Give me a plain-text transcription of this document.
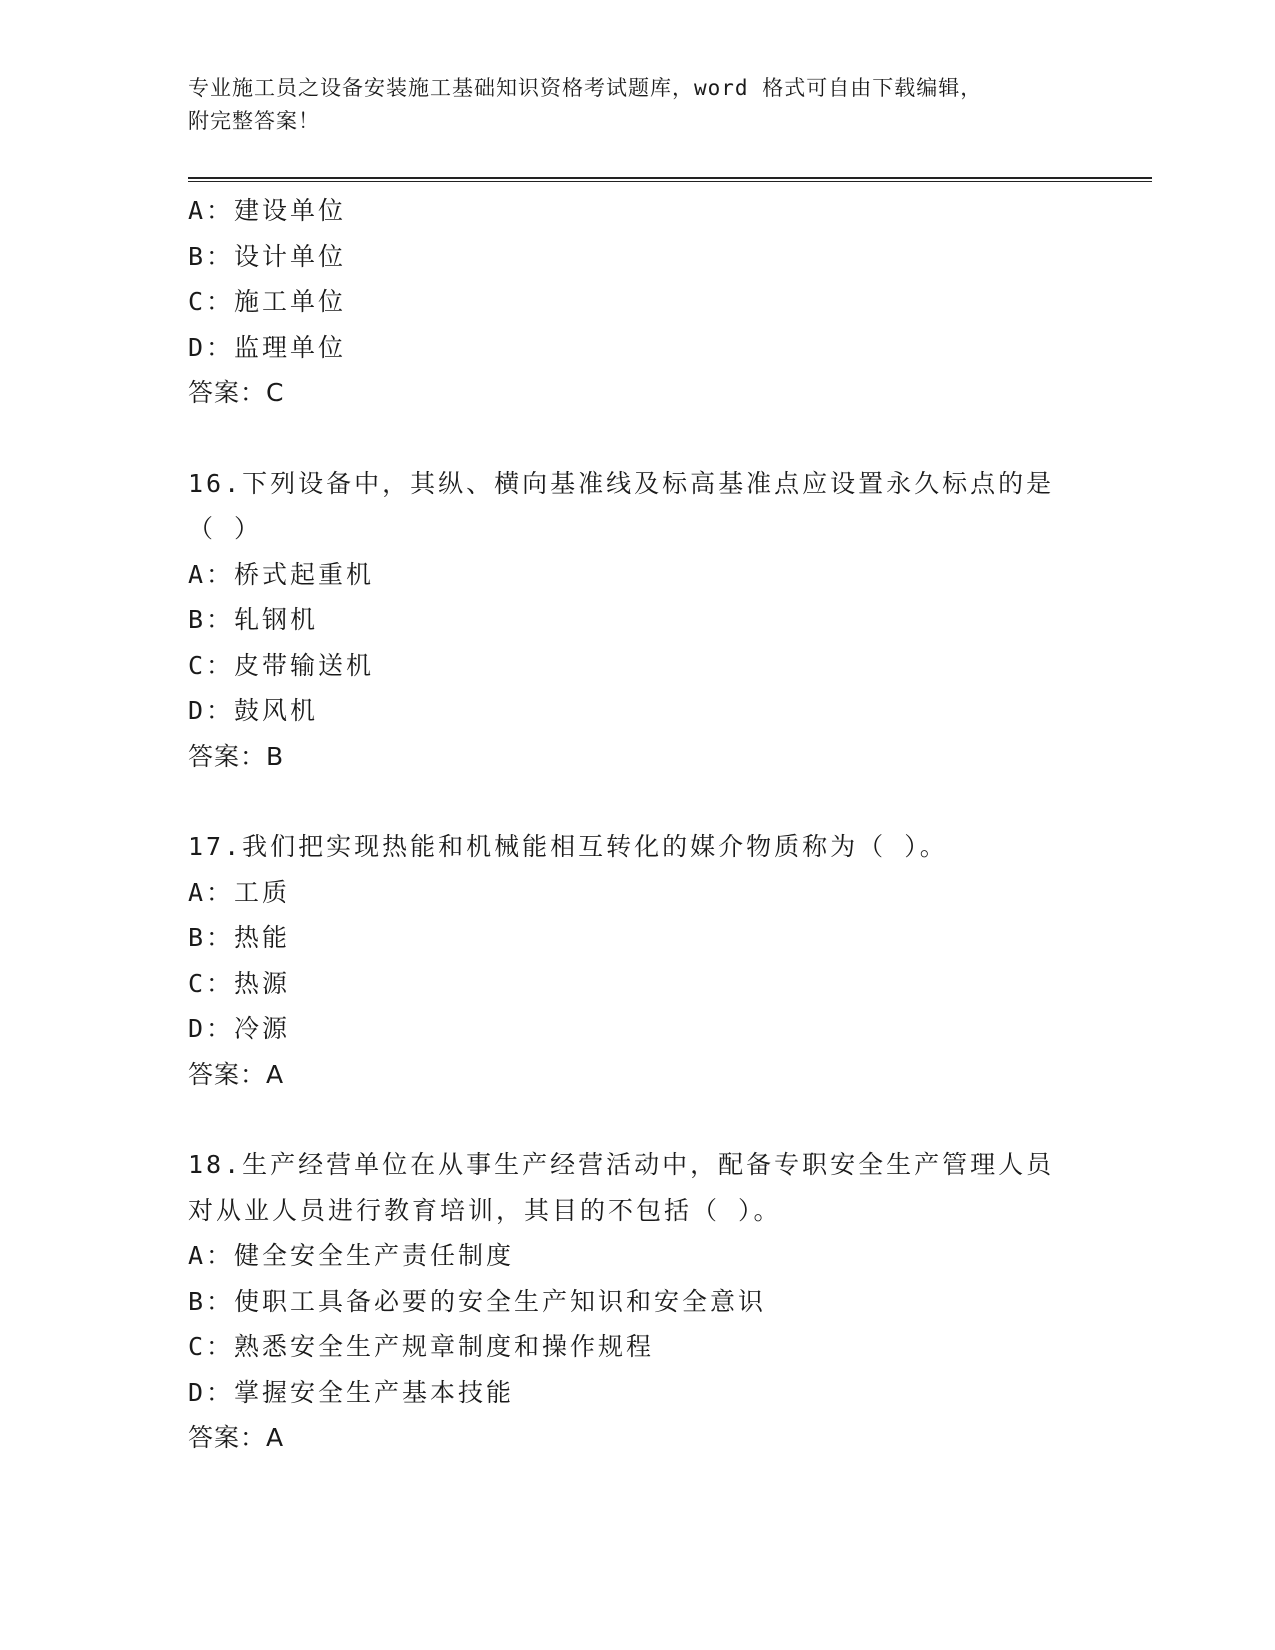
专业施工员之设备安装施工基础知识资格考试题库，word 格式可自由下载编辑，
附完整答案！
A：建设单位
B：设计单位
C：施工单位
D：监理单位
答案：C
16.下列设备中，其纵、横向基准线及标高基准点应设置永久标点的是
（ ）
A：桥式起重机
B：轧钢机
C：皮带输送机
D：鼓风机
答案：B
17.我们把实现热能和机械能相互转化的媒介物质称为（ ）。
A：工质
B：热能
C：热源
D：冷源
答案：A
18.生产经营单位在从事生产经营活动中，配备专职安全生产管理人员
对从业人员进行教育培训，其目的不包括（ ）。
A：健全安全生产责任制度
B：使职工具备必要的安全生产知识和安全意识
C：熟悉安全生产规章制度和操作规程
D：掌握安全生产基本技能
答案：A
